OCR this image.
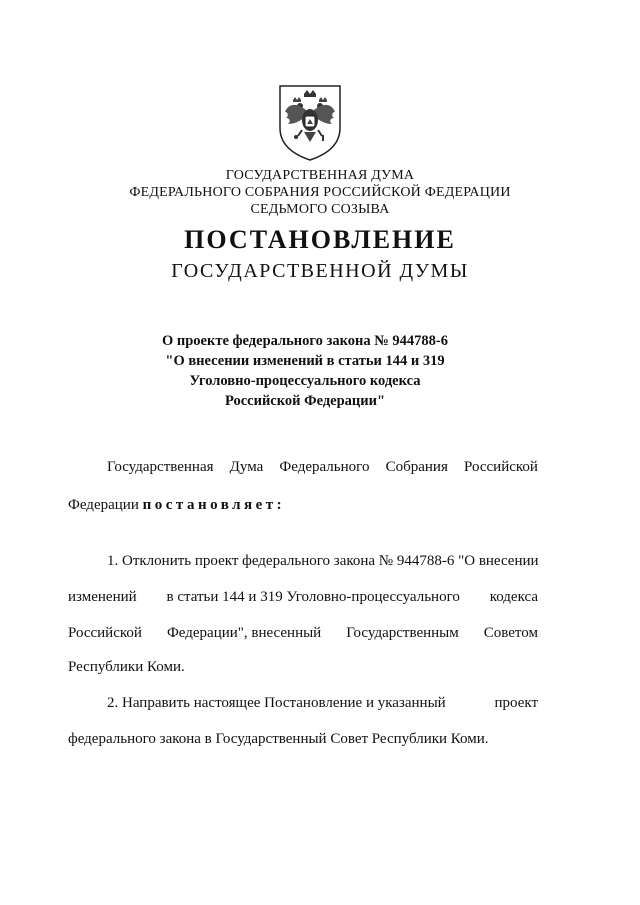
ГОСУДАРСТВЕННАЯ ДУМА
ФЕДЕРАЛЬНОГО СОБРАНИЯ РОССИЙСКОЙ ФЕДЕРАЦИИ
СЕДЬМОГО СОЗЫВА
ПОСТАНОВЛЕНИЕ
ГОСУДАРСТВЕННОЙ ДУМЫ
О проекте федерального закона № 944788-6
"О внесении изменений в статьи 144 и 319
Уголовно-процессуального кодекса
Российской Федерации"
Государственная Дума Федерального Собрания Российской
Федерации постановляет:
1. Отклонить проект федерального закона № 944788-6 "О внесении
изменений в статьи 144 и 319 Уголовно-процессуального кодекса
Российской Федерации", внесенный Государственным Советом
Республики Коми.
2. Направить настоящее Постановление и указанный	проект
федерального закона в Государственный Совет Республики Коми.
